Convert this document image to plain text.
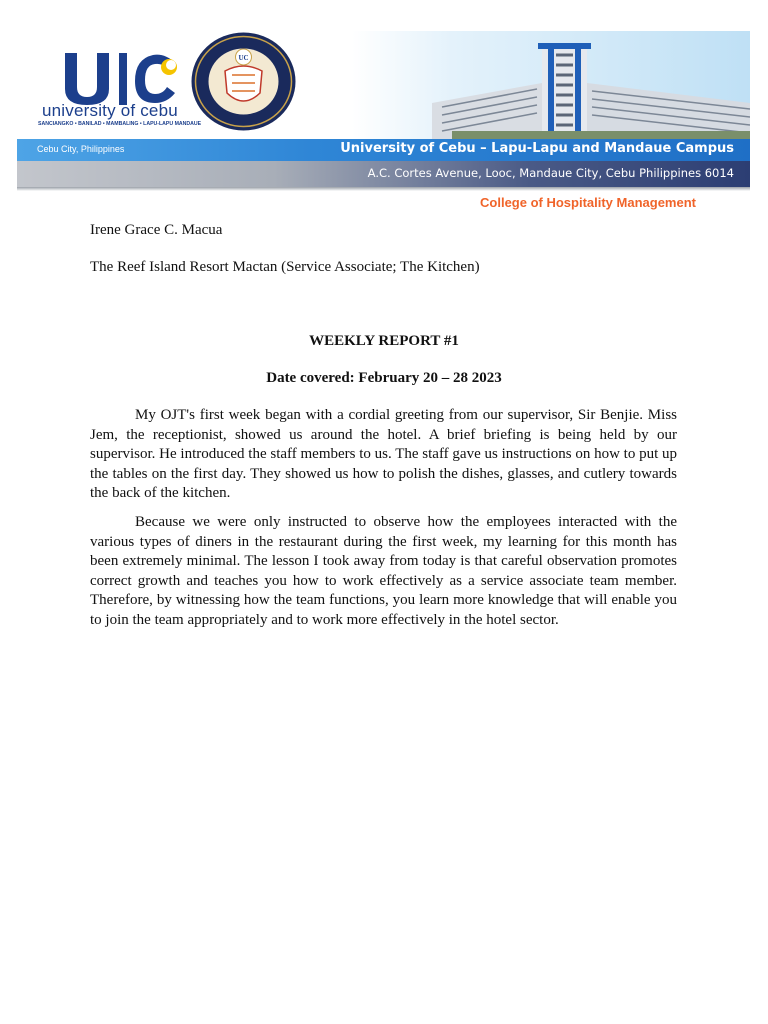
university of cebu
SANCIANGKO • BANILAD • MAMBALING • LAPU-LAPU MANDAUE
UC
Cebu City, Philippines	University of Cebu – Lapu-Lapu and Mandaue Campus
A.C. Cortes Avenue, Looc, Mandaue City, Cebu Philippines 6014
College of Hospitality Management
Irene Grace C. Macua
The Reef Island Resort Mactan (Service Associate; The Kitchen)
WEEKLY REPORT #1
Date covered: February 20 – 28 2023

My OJT's first week began with a cordial greeting from our supervisor, Sir Benjie. Miss Jem, the receptionist, showed us around the hotel. A brief briefing is being held by our supervisor. He introduced the staff members to us. The staff gave us instructions on how to put up the tables on the first day. They showed us how to polish the dishes, glasses, and cutlery towards the back of the kitchen.

Because we were only instructed to observe how the employees interacted with the various types of diners in the restaurant during the first week, my learning for this month has been extremely minimal. The lesson I took away from today is that careful observation promotes correct growth and teaches you how to work effectively as a service associate team member. Therefore, by witnessing how the team functions, you learn more knowledge that will enable you to join the team appropriately and to work more effectively in the hotel sector.
